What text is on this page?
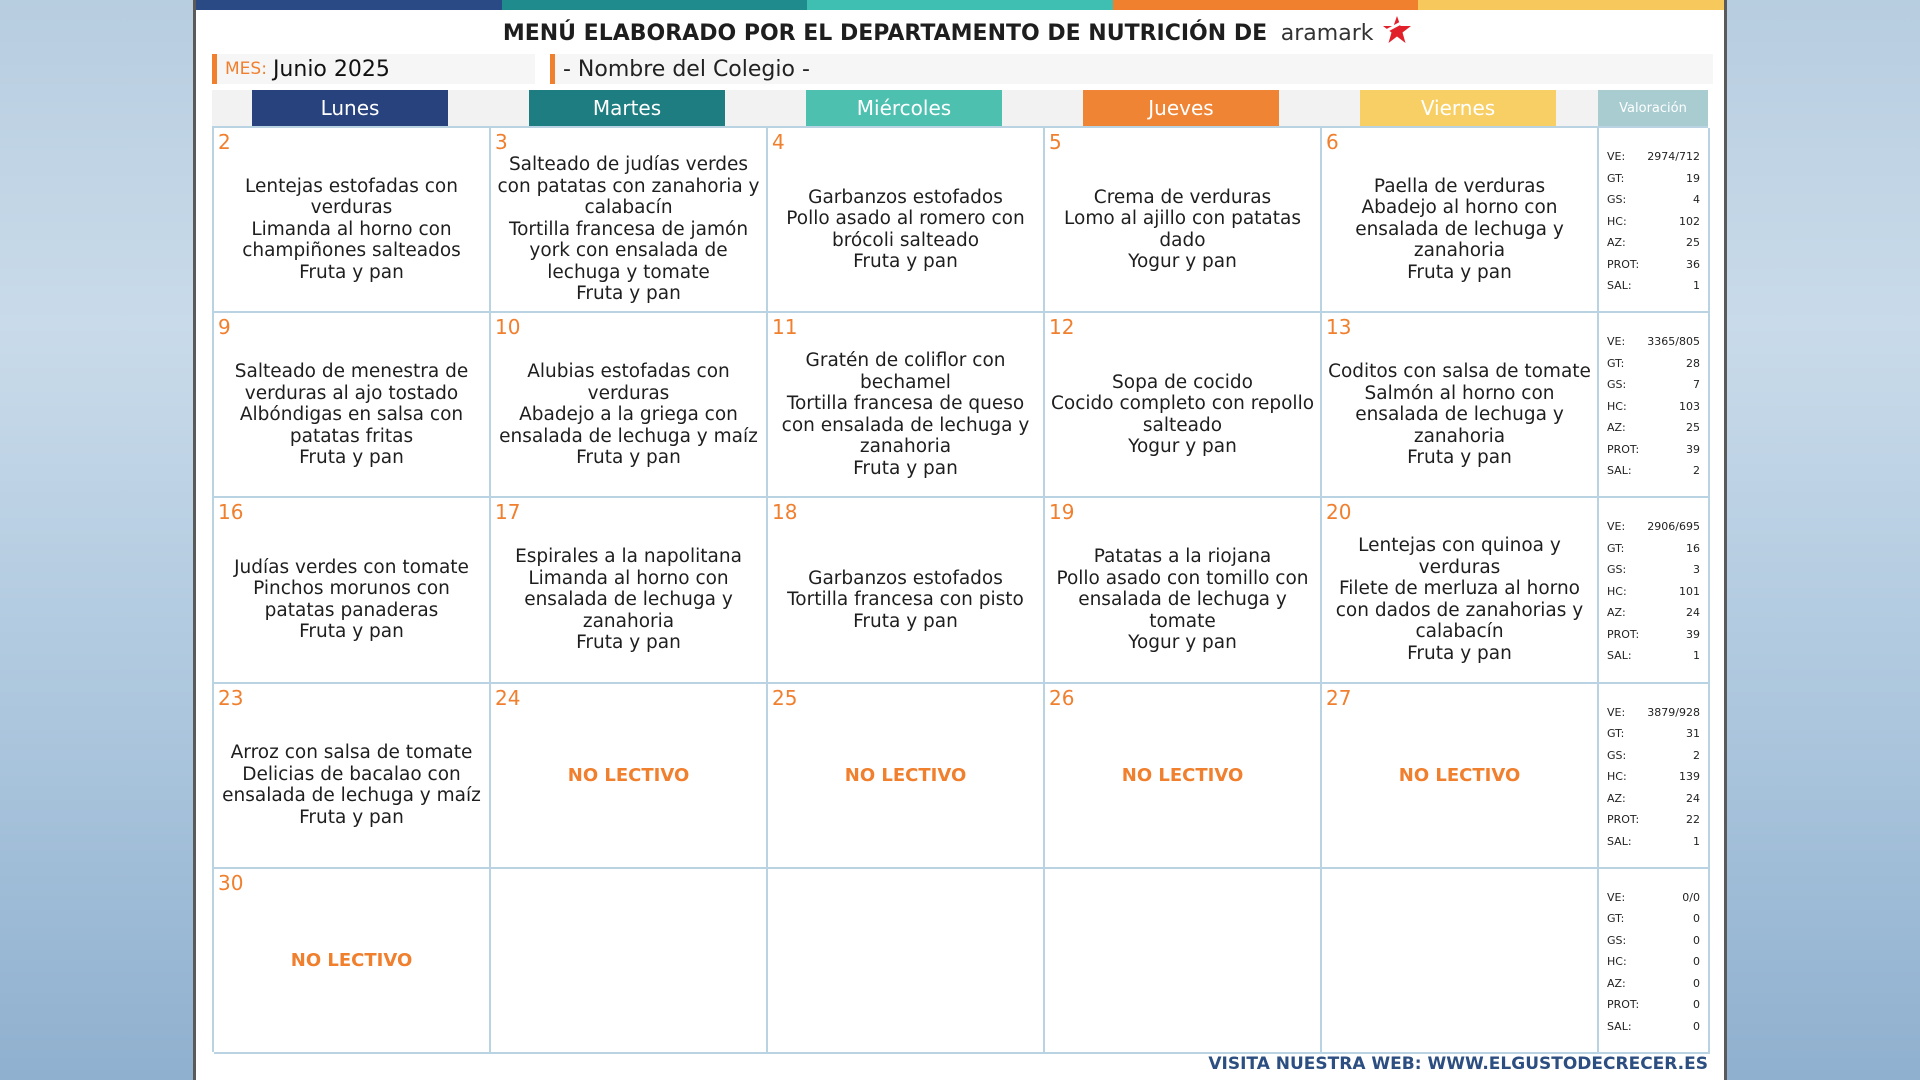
MENÚ ELABORADO POR EL DEPARTAMENTO DE NUTRICIÓN DE aramark
MES: Junio 2025	- Nombre del Colegio -
Lunes	Martes	Miércoles	Jueves	Viernes	Valoración
2
Lentejas estofadas con verduras
Limanda al horno con champiñones salteados
Fruta y pan
3
Salteado de judías verdes con patatas con zanahoria y calabacín
Tortilla francesa de jamón york con ensalada de lechuga y tomate
Fruta y pan
4
Garbanzos estofados
Pollo asado al romero con brócoli salteado
Fruta y pan
5
Crema de verduras
Lomo al ajillo con patatas dado
Yogur y pan
6
Paella de verduras
Abadejo al horno con ensalada de lechuga y zanahoria
Fruta y pan
VE: 2974/712
GT:	19
GS:	4
HC:	102
AZ:	25
PROT:	36
SAL:	1
9
Salteado de menestra de verduras al ajo tostado
Albóndigas en salsa con patatas fritas
Fruta y pan
10
Alubias estofadas con verduras
Abadejo a la griega con ensalada de lechuga y maíz
Fruta y pan
11
Gratén de coliflor con bechamel
Tortilla francesa de queso con ensalada de lechuga y zanahoria
Fruta y pan
12
Sopa de cocido
Cocido completo con repollo salteado
Yogur y pan
13
Coditos con salsa de tomate
Salmón al horno con ensalada de lechuga y zanahoria
Fruta y pan
VE: 3365/805
GT:	28
GS:	7
HC:	103
AZ:	25
PROT:	39
SAL:	2
16
Judías verdes con tomate
Pinchos morunos con patatas panaderas
Fruta y pan
17
Espirales a la napolitana
Limanda al horno con ensalada de lechuga y zanahoria
Fruta y pan
18
Garbanzos estofados
Tortilla francesa con pisto
Fruta y pan
19
Patatas a la riojana
Pollo asado con tomillo con ensalada de lechuga y tomate
Yogur y pan
20
Lentejas con quinoa y verduras
Filete de merluza al horno con dados de zanahorias y calabacín
Fruta y pan
VE: 2906/695
GT:	16
GS:	3
HC:	101
AZ:	24
PROT:	39
SAL:	1
23
Arroz con salsa de tomate
Delicias de bacalao con ensalada de lechuga y maíz
Fruta y pan
24
NO LECTIVO
25
NO LECTIVO
26
NO LECTIVO
27
NO LECTIVO
VE: 3879/928
GT:	31
GS:	2
HC:	139
AZ:	24
PROT:	22
SAL:	1
30
NO LECTIVO
VE:	0/0
GT:	0
GS:	0
HC:	0
AZ:	0
PROT:	0
SAL:	0
VISITA NUESTRA WEB: WWW.ELGUSTODECRECER.ES
